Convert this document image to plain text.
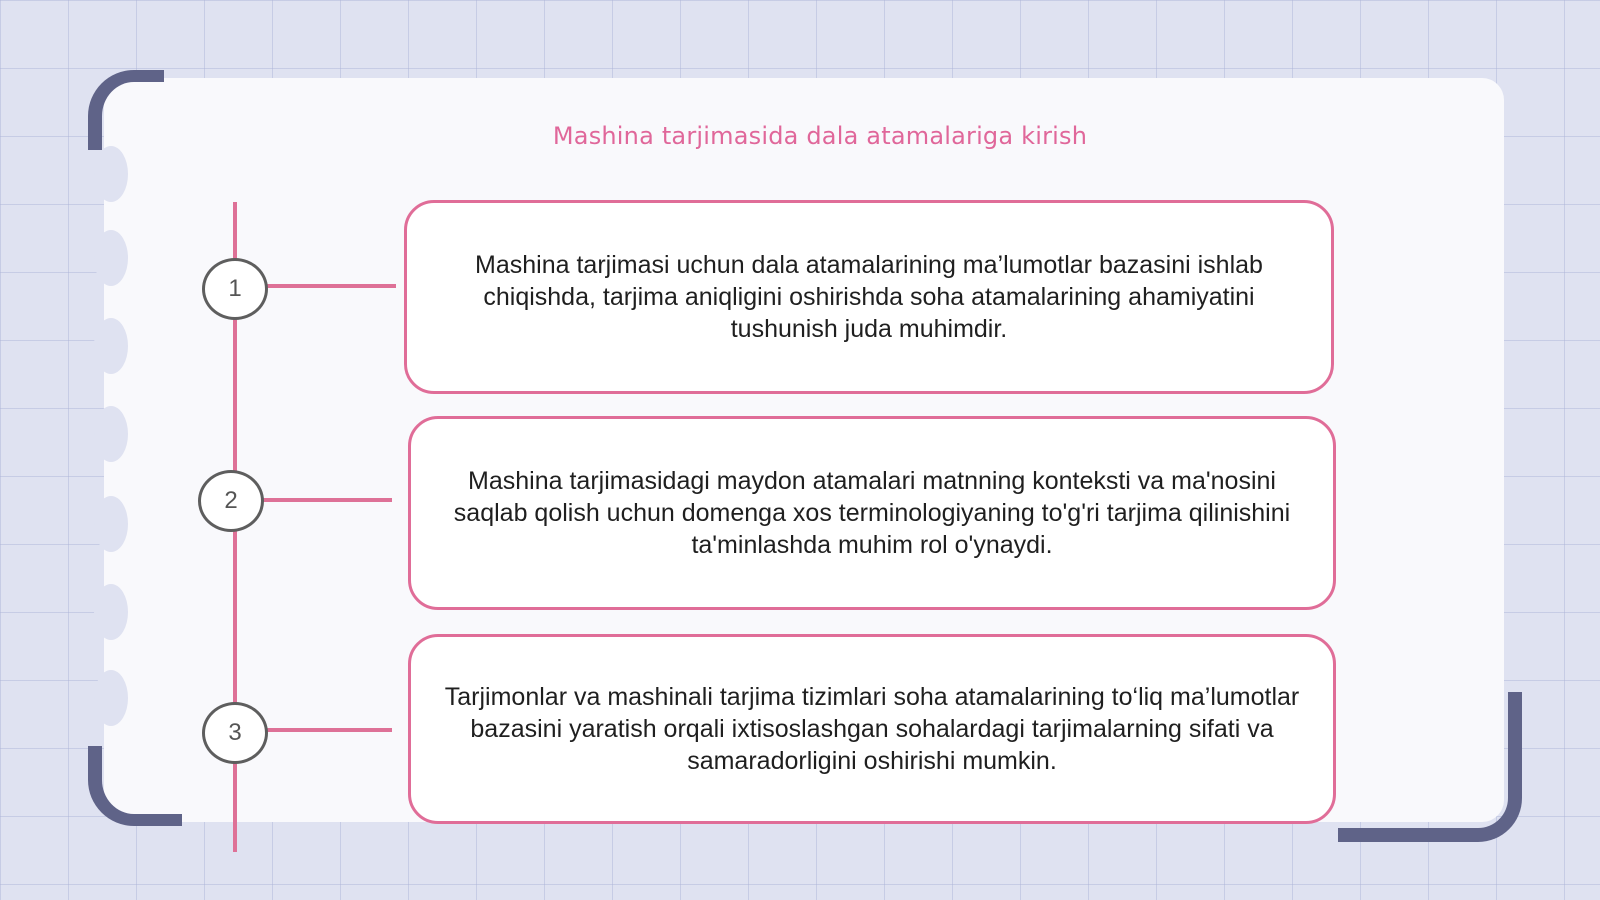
Mashina tarjimasida dala atamalariga kirish
1
Mashina tarjimasi uchun dala atamalarining ma’lumotlar bazasini ishlab chiqishda, tarjima aniqligini oshirishda soha atamalarining ahamiyatini tushunish juda muhimdir.
2
Mashina tarjimasidagi maydon atamalari matnning konteksti va ma'nosini saqlab qolish uchun domenga xos terminologiyaning to'g'ri tarjima qilinishini ta'minlashda muhim rol o'ynaydi.
3
Tarjimonlar va mashinali tarjima tizimlari soha atamalarining to‘liq ma’lumotlar bazasini yaratish orqali ixtisoslashgan sohalardagi tarjimalarning sifati va samaradorligini oshirishi mumkin.
